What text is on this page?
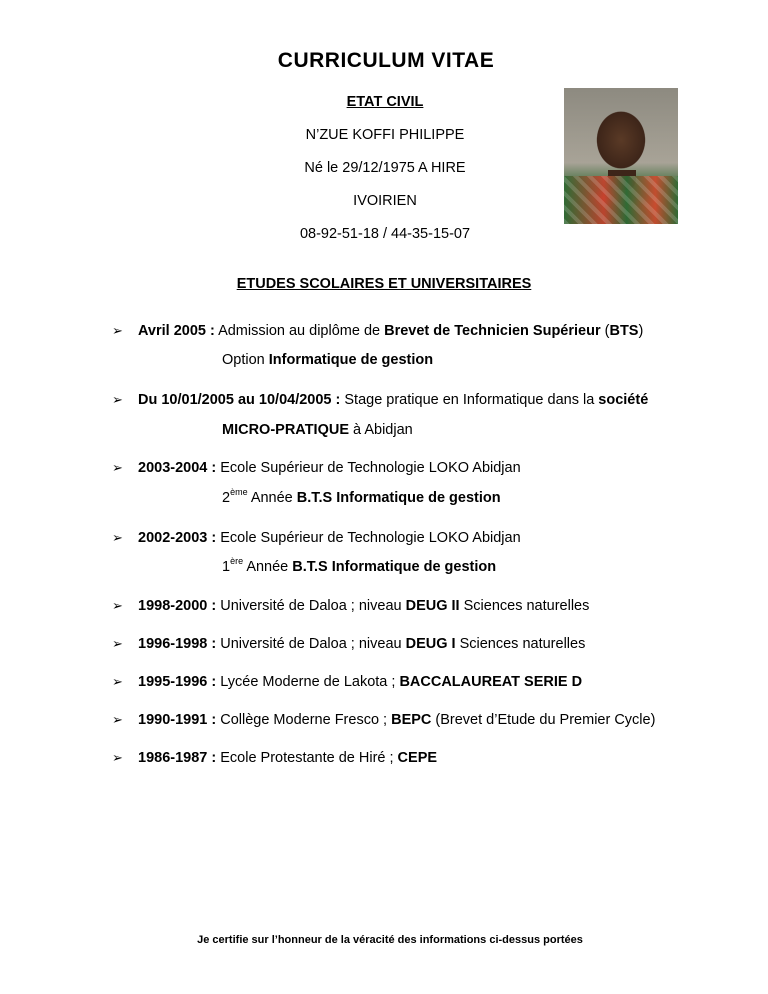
CURRICULUM VITAE
ETAT CIVIL
N’ZUE KOFFI PHILIPPE
Né le 29/12/1975 A HIRE
IVOIRIEN
08-92-51-18 / 44-35-15-07
ETUDES SCOLAIRES ET UNIVERSITAIRES
➢ Avril 2005 : Admission au diplôme de Brevet de Technicien Supérieur (BTS)
Option Informatique de gestion
➢ Du 10/01/2005 au 10/04/2005 : Stage pratique en Informatique dans la société
MICRO-PRATIQUE à Abidjan
➢ 2003-2004 : Ecole Supérieur de Technologie LOKO Abidjan
2ème Année B.T.S Informatique de gestion
➢ 2002-2003 : Ecole Supérieur de Technologie LOKO Abidjan
1ère Année B.T.S Informatique de gestion
➢ 1998-2000 : Université de Daloa ; niveau DEUG II Sciences naturelles
➢ 1996-1998 : Université de Daloa ; niveau DEUG I Sciences naturelles
➢ 1995-1996 : Lycée Moderne de Lakota ; BACCALAUREAT SERIE D
➢ 1990-1991 : Collège Moderne Fresco ; BEPC (Brevet d’Etude du Premier Cycle)
➢ 1986-1987 : Ecole Protestante de Hiré ; CEPE
Je certifie sur l’honneur de la véracité des informations ci-dessus portées
